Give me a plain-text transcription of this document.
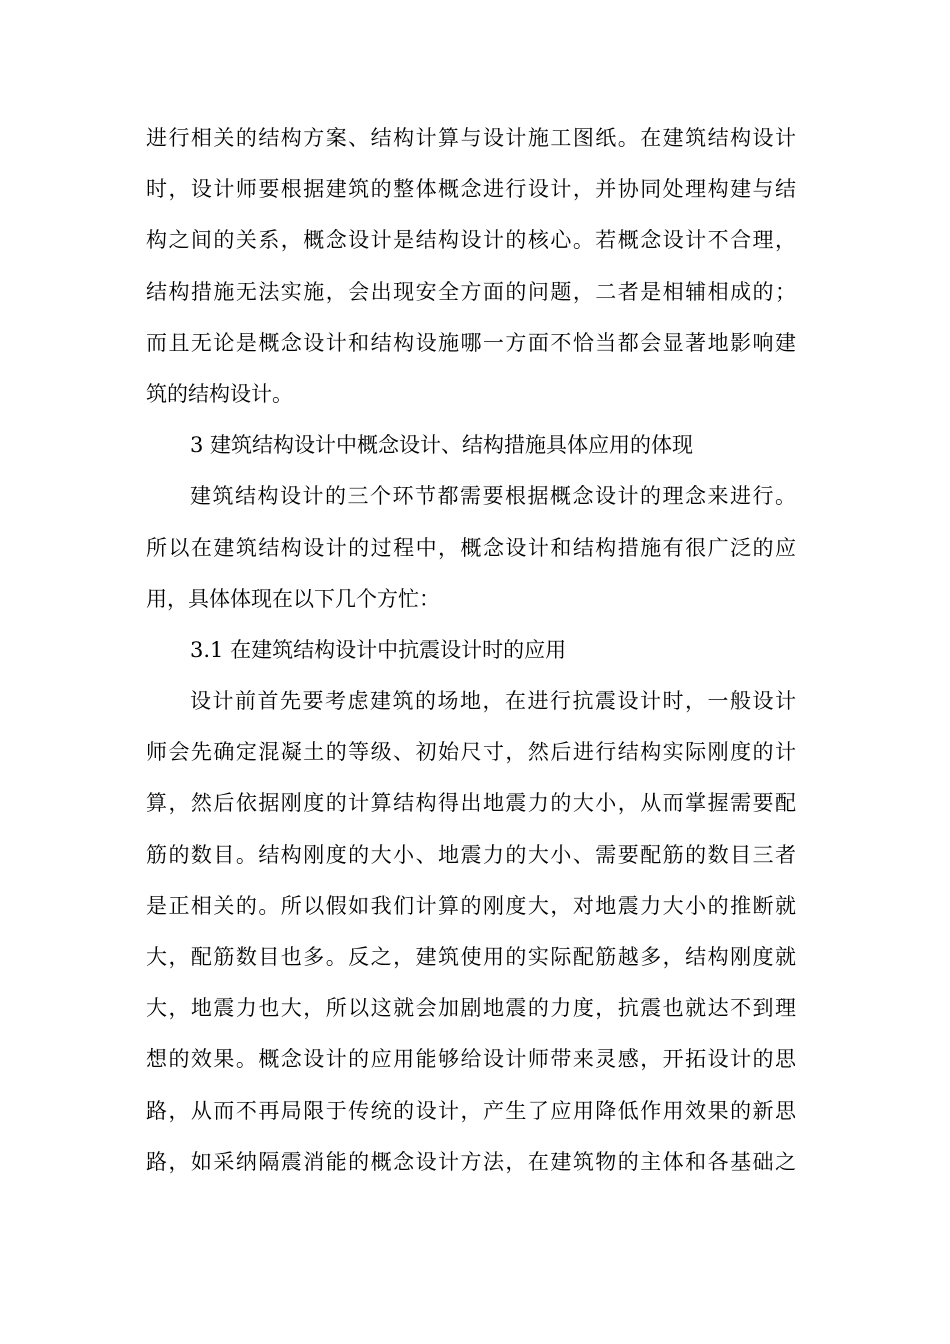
进行相关的结构方案、结构计算与设计施工图纸。在建筑结构设计
时，设计师要根据建筑的整体概念进行设计，并协同处理构建与结
构之间的关系，概念设计是结构设计的核心。若概念设计不合理，
结构措施无法实施，会出现安全方面的问题，二者是相辅相成的；
而且无论是概念设计和结构设施哪一方面不恰当都会显著地影响建
筑的结构设计。
3 建筑结构设计中概念设计、结构措施具体应用的体现
建筑结构设计的三个环节都需要根据概念设计的理念来进行。
所以在建筑结构设计的过程中，概念设计和结构措施有很广泛的应
用，具体体现在以下几个方忙：
3.1 在建筑结构设计中抗震设计时的应用
设计前首先要考虑建筑的场地，在进行抗震设计时，一般设计
师会先确定混凝土的等级、初始尺寸，然后进行结构实际刚度的计
算，然后依据刚度的计算结构得出地震力的大小，从而掌握需要配
筋的数目。结构刚度的大小、地震力的大小、需要配筋的数目三者
是正相关的。所以假如我们计算的刚度大，对地震力大小的推断就
大，配筋数目也多。反之，建筑使用的实际配筋越多，结构刚度就
大，地震力也大，所以这就会加剧地震的力度，抗震也就达不到理
想的效果。概念设计的应用能够给设计师带来灵感，开拓设计的思
路，从而不再局限于传统的设计，产生了应用降低作用效果的新思
路，如采纳隔震消能的概念设计方法，在建筑物的主体和各基础之
